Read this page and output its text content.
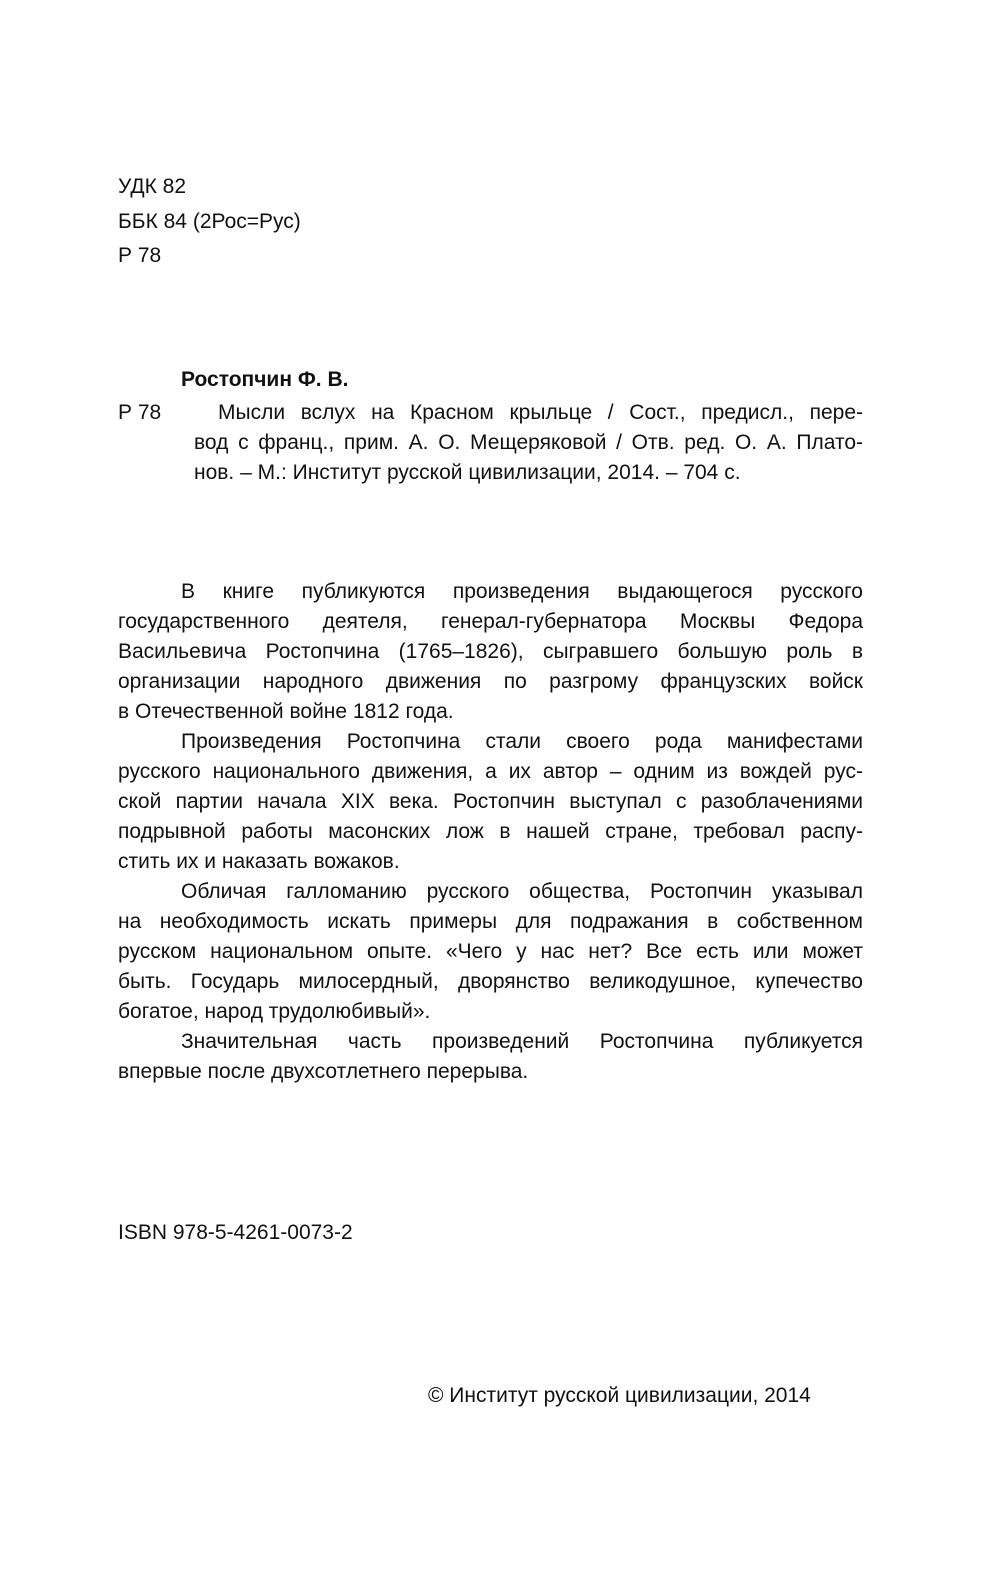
УДК 82
ББК 84 (2Рос=Рус)
Р 78
Ростопчин Ф. В.
Р 78	Мысли вслух на Красном крыльце / Сост., предисл., пере-
вод с франц., прим. А. О. Мещеряковой / Отв. ред. О. А. Плато-
нов. – М.: Институт русской цивилизации, 2014. – 704 с.
В книге публикуются произведения выдающегося русского
государственного деятеля, генерал-губернатора Москвы Федора
Васильевича Ростопчина (1765–1826), сыгравшего большую роль в
организации народного движения по разгрому французских войск
в Отечественной войне 1812 года.
Произведения Ростопчина стали своего рода манифестами
русского национального движения, а их автор – одним из вождей рус-
ской партии начала XIX века. Ростопчин выступал с разоблачениями
подрывной работы масонских лож в нашей стране, требовал распу-
стить их и наказать вожаков.
Обличая галломанию русского общества, Ростопчин указывал
на необходимость искать примеры для подражания в собственном
русском национальном опыте. «Чего у нас нет? Все есть или может
быть. Государь милосердный, дворянство великодушное, купечество
богатое, народ трудолюбивый».
Значительная часть произведений Ростопчина публикуется
впервые после двухсотлетнего перерыва.
ISBN 978-5-4261-0073-2
© Институт русской цивилизации, 2014
